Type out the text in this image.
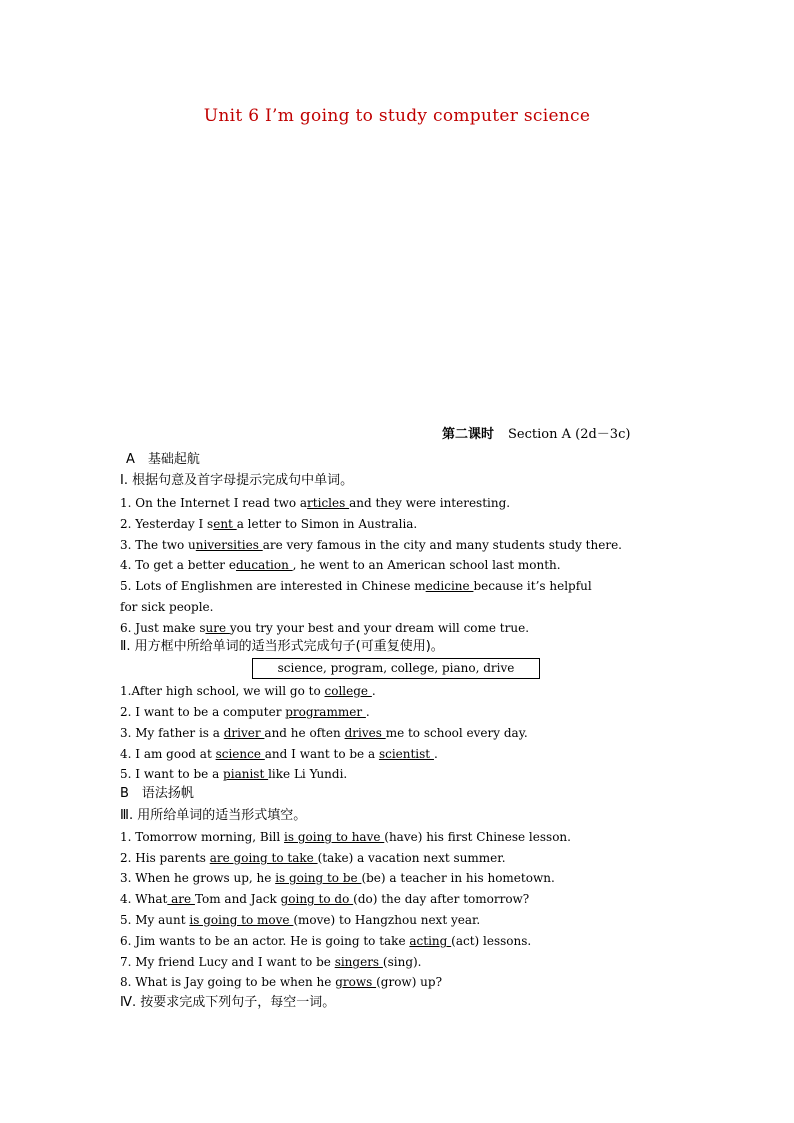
Unit 6 I’m going to study computer science
第二课时 Section A (2d－3c)
A　基础起航
Ⅰ. 根据句意及首字母提示完成句中单词。
1. On the Internet I read two articles and they were interesting.
2. Yesterday I sent a letter to Simon in Australia.
3. The two universities are very famous in the city and many students study there.
4. To get a better education , he went to an American school last month.
5. Lots of Englishmen are interested in Chinese medicine because it’s helpful
for sick people.
6. Just make sure you try your best and your dream will come true.
Ⅱ. 用方框中所给单词的适当形式完成句子(可重复使用)。
science, program, college, piano, drive
1.After high school, we will go to college .
2. I want to be a computer programmer .
3. My father is a driver and he often drives me to school every day.
4. I am good at science and I want to be a scientist .
5. I want to be a pianist like Li Yundi.
B　语法扬帆
Ⅲ. 用所给单词的适当形式填空。
1. Tomorrow morning, Bill is going to have (have) his first Chinese lesson.
2. His parents are going to take (take) a vacation next summer.
3. When he grows up, he is going to be (be) a teacher in his hometown.
4. What are Tom and Jack going to do (do) the day after tomorrow?
5. My aunt is going to move (move) to Hangzhou next year.
6. Jim wants to be an actor. He is going to take acting (act) lessons.
7. My friend Lucy and I want to be singers (sing).
8. What is Jay going to be when he grows (grow) up?
Ⅳ. 按要求完成下列句子，每空一词。
